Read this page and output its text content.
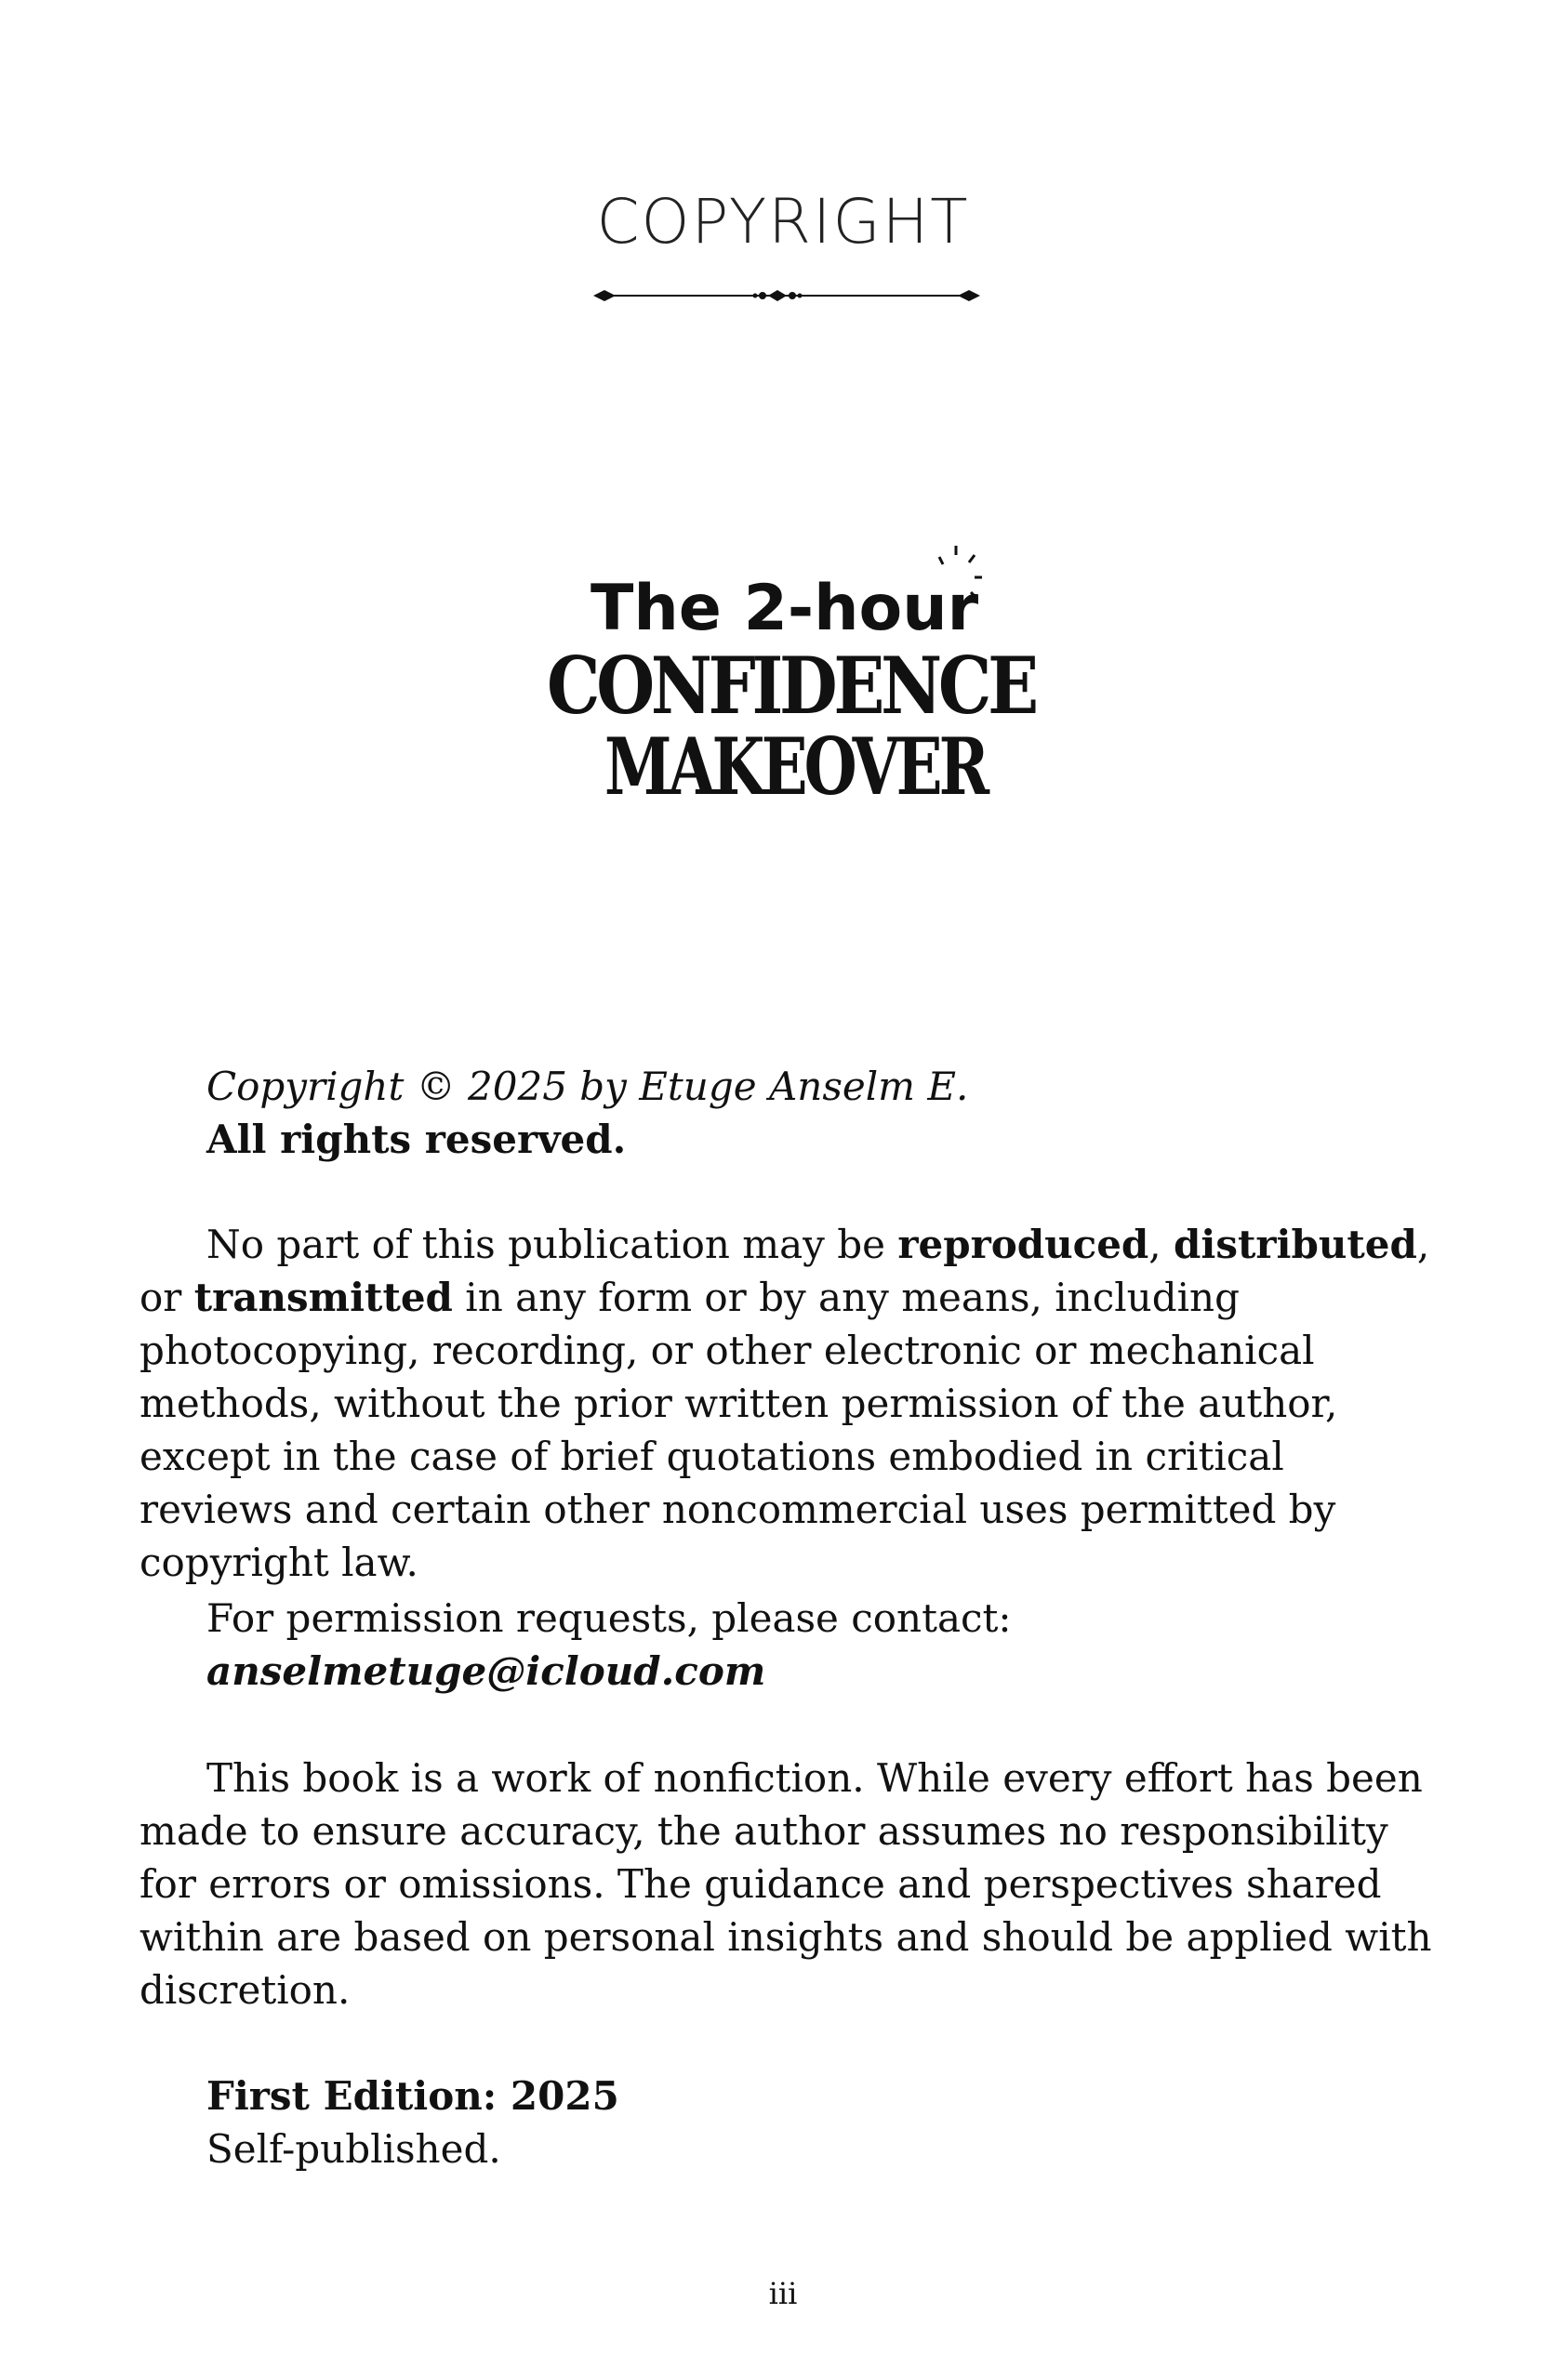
COPYRIGHT
The 2-hour
CONFIDENCE
MAKEOVER

Copyright © 2025 by Etuge Anselm E.

All rights reserved.

No part of this publication may be reproduced, distributed, or transmitted in any form or by any means, including photocopying, recording, or other electronic or mechanical methods, without the prior written permission of the author, except in the case of brief quotations embodied in critical reviews and certain other noncommercial uses permitted by copyright law.

For permission requests, please contact:

anselmetuge@icloud.com

This book is a work of nonfiction. While every effort has been made to ensure accuracy, the author assumes no responsibility for errors or omissions. The guidance and perspectives shared within are based on personal insights and should be applied with discretion.

First Edition: 2025

Self-published.

iii
